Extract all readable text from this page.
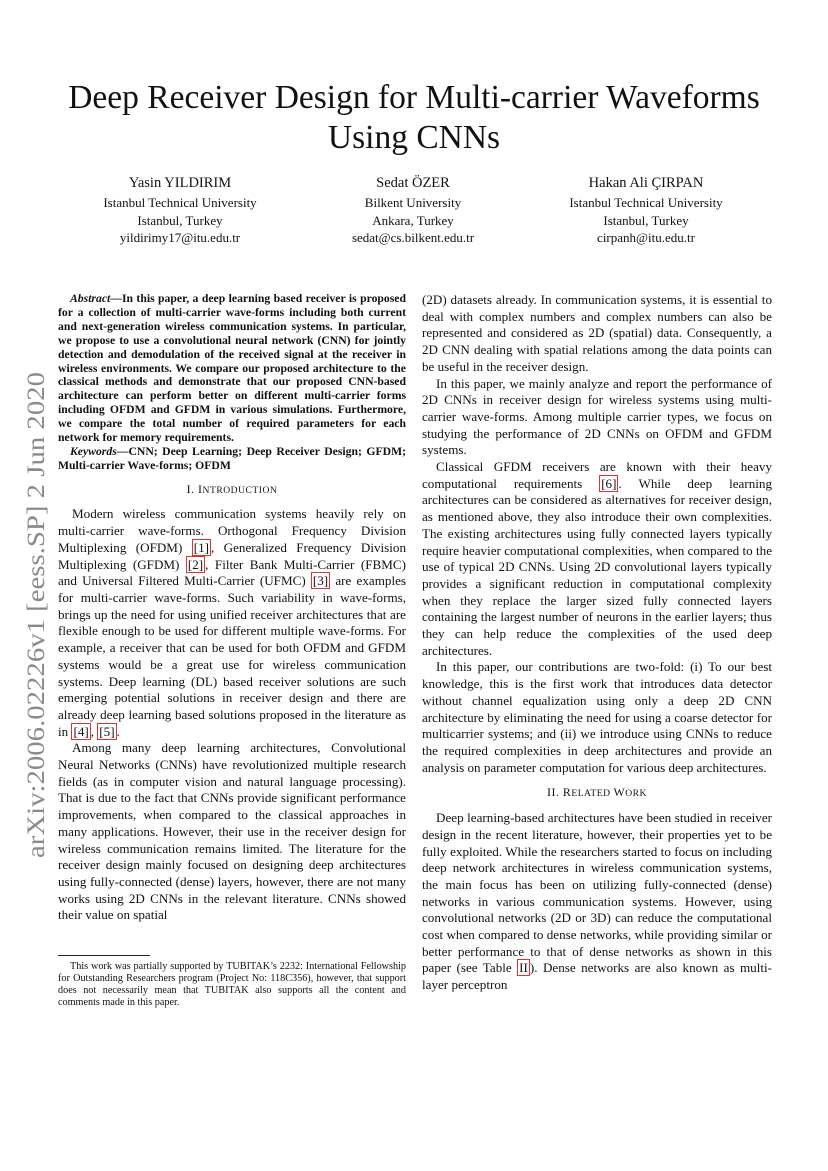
arXiv:2006.02226v1 [eess.SP] 2 Jun 2020
Deep Receiver Design for Multi-carrier Waveforms
Using CNNs
Yasin YILDIRIM
Istanbul Technical University
Istanbul, Turkey
yildirimy17@itu.edu.tr
Sedat ÖZER
Bilkent University
Ankara, Turkey
sedat@cs.bilkent.edu.tr
Hakan Ali ÇIRPAN
Istanbul Technical University
Istanbul, Turkey
cirpanh@itu.edu.tr

Abstract—In this paper, a deep learning based receiver is proposed for a collection of multi-carrier wave-forms including both current and next-generation wireless communication systems. In particular, we propose to use a convolutional neural network (CNN) for jointly detection and demodulation of the received signal at the receiver in wireless environments. We compare our proposed architecture to the classical methods and demonstrate that our proposed CNN-based architecture can perform better on different multi-carrier forms including OFDM and GFDM in various simulations. Furthermore, we compare the total number of required parameters for each network for memory requirements.

Keywords—CNN; Deep Learning; Deep Receiver Design; GFDM; Multi-carrier Wave-forms; OFDM

I. INTRODUCTION

Modern wireless communication systems heavily rely on multi-carrier wave-forms. Orthogonal Frequency Division Multiplexing (OFDM) [1] , Generalized Frequency Division Multiplexing (GFDM) [2] , Filter Bank Multi-Carrier (FBMC) and Universal Filtered Multi-Carrier (UFMC) [3] are examples for multi-carrier wave-forms. Such variability in wave-forms, brings up the need for using unified receiver architectures that are flexible enough to be used for different multiple wave-forms. For example, a receiver that can be used for both OFDM and GFDM systems would be a great use for wireless communication systems. Deep learning (DL) based receiver solutions are such emerging potential solutions in receiver design and there are already deep learning based solutions proposed in the literature as in [4] , [5] .

Among many deep learning architectures, Convolutional Neural Networks (CNNs) have revolutionized multiple research fields (as in computer vision and natural language processing). That is due to the fact that CNNs provide significant performance improvements, when compared to the classical approaches in many applications. However, their use in the receiver design for wireless communication remains limited. The literature for the receiver design mainly focused on designing deep architectures using fully-connected (dense) layers, however, there are not many works using 2D CNNs in the relevant literature. CNNs showed their value on spatial

(2D) datasets already. In communication systems, it is essential to deal with complex numbers and complex numbers can also be represented and considered as 2D (spatial) data. Consequently, a 2D CNN dealing with spatial relations among the data points can be useful in the receiver design.

In this paper, we mainly analyze and report the performance of 2D CNNs in receiver design for wireless systems using multi-carrier wave-forms. Among multiple carrier types, we focus on studying the performance of 2D CNNs on OFDM and GFDM systems.

Classical GFDM receivers are known with their heavy computational requirements [6] . While deep learning architectures can be considered as alternatives for receiver design, as mentioned above, they also introduce their own complexities. The existing architectures using fully connected layers typically require heavier computational complexities, when compared to the use of typical 2D CNNs. Using 2D convolutional layers typically provides a significant reduction in computational complexity when they replace the larger sized fully connected layers containing the largest number of neurons in the earlier layers; thus they can help reduce the complexities of the used deep architectures.

In this paper, our contributions are two-fold: (i) To our best knowledge, this is the first work that introduces data detector without channel equalization using only a deep 2D CNN architecture by eliminating the need for using a coarse detector for multicarrier systems; and (ii) we introduce using CNNs to reduce the required complexities in deep architectures and provide an analysis on parameter computation for various deep architectures.

II. RELATED WORK

Deep learning-based architectures have been studied in receiver design in the recent literature, however, their properties yet to be fully exploited. While the researchers started to focus on including deep network architectures in wireless communication systems, the main focus has been on utilizing fully-connected (dense) networks in various communication systems. However, using convolutional networks (2D or 3D) can reduce the computational cost when compared to dense networks, while providing similar or better performance to that of dense networks as shown in this paper (see Table II ). Dense networks are also known as multi-layer perceptron

This work was partially supported by TUBITAK’s 2232: International Fellowship for Outstanding Researchers program (Project No: 118C356), however, that support does not necessarily mean that TUBITAK also supports all the content and comments made in this paper.
